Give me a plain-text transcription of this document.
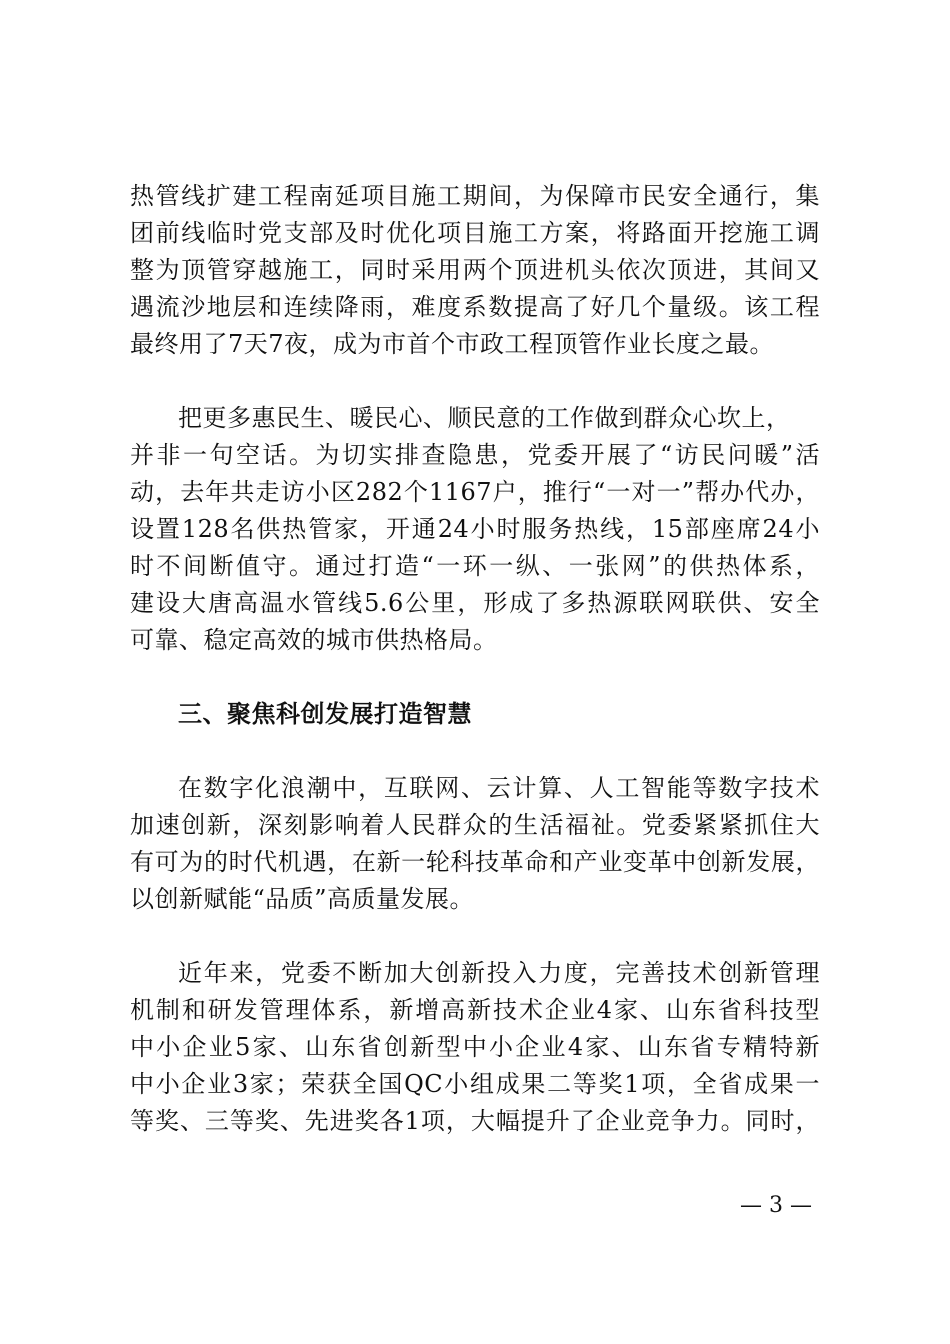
热管线扩建工程南延项目施工期间，为保障市民安全通行，集
团前线临时党支部及时优化项目施工方案，将路面开挖施工调
整为顶管穿越施工，同时采用两个顶进机头依次顶进，其间又
遇流沙地层和连续降雨，难度系数提高了好几个量级。该工程
最终用了7天7夜，成为市首个市政工程顶管作业长度之最。
把更多惠民生、暖民心、顺民意的工作做到群众心坎上，
并非一句空话。为切实排查隐患，党委开展了“访民问暖”活
动，去年共走访小区282个1167户，推行“一对一”帮办代办，
设置128名供热管家，开通24小时服务热线，15部座席24小
时不间断值守。通过打造“一环一纵、一张网”的供热体系，
建设大唐高温水管线5.6公里，形成了多热源联网联供、安全
可靠、稳定高效的城市供热格局。
三、聚焦科创发展打造智慧
在数字化浪潮中，互联网、云计算、人工智能等数字技术
加速创新，深刻影响着人民群众的生活福祉。党委紧紧抓住大
有可为的时代机遇，在新一轮科技革命和产业变革中创新发展，
以创新赋能“品质”高质量发展。
近年来，党委不断加大创新投入力度，完善技术创新管理
机制和研发管理体系，新增高新技术企业4家、山东省科技型
中小企业5家、山东省创新型中小企业4家、山东省专精特新
中小企业3家；荣获全国QC小组成果二等奖1项，全省成果一
等奖、三等奖、先进奖各1项，大幅提升了企业竞争力。同时，
— 3 —
